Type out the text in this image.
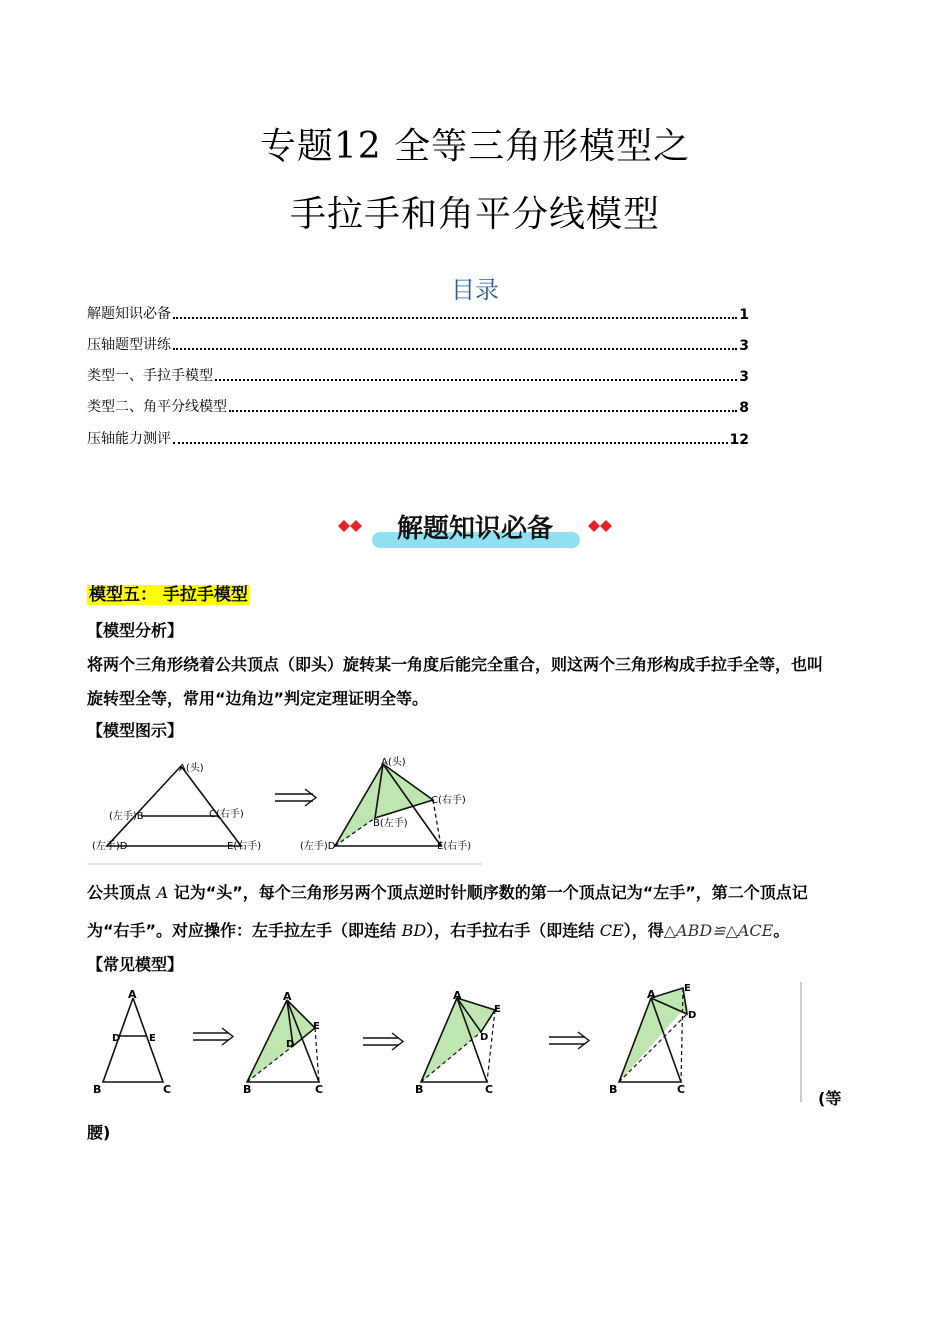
专题12 全等三角形模型之
手拉手和角平分线模型
目录
解题知识必备	1
压轴题型讲练	3
类型一、手拉手模型	3
类型二、角平分线模型	8
压轴能力测评	12
解题知识必备
模型五： 手拉手模型
【模型分析】
将两个三角形绕着公共顶点（即头）旋转某一角度后能完全重合，则这两个三角形构成手拉手全等，也叫
旋转型全等，常用“边角边”判定定理证明全等。
【模型图示】
A(头)
(左手)B	C(右手)
(左手)D	E(右手)
A(头)
B(左手)
C(右手)
(左手)D	E(右手)
公共顶点 A 记为“头”，每个三角形另两个顶点逆时针顺序数的第一个顶点记为“左手”，第二个顶点记
为“右手”。对应操作：左手拉左手（即连结 BD），右手拉右手（即连结 CE），得△ABD≌△ACE。
【常见模型】
A
D	E
B	C
A
D
E
B	C
A
D
E
B	C
A
D
E
B	C	(等
腰)
